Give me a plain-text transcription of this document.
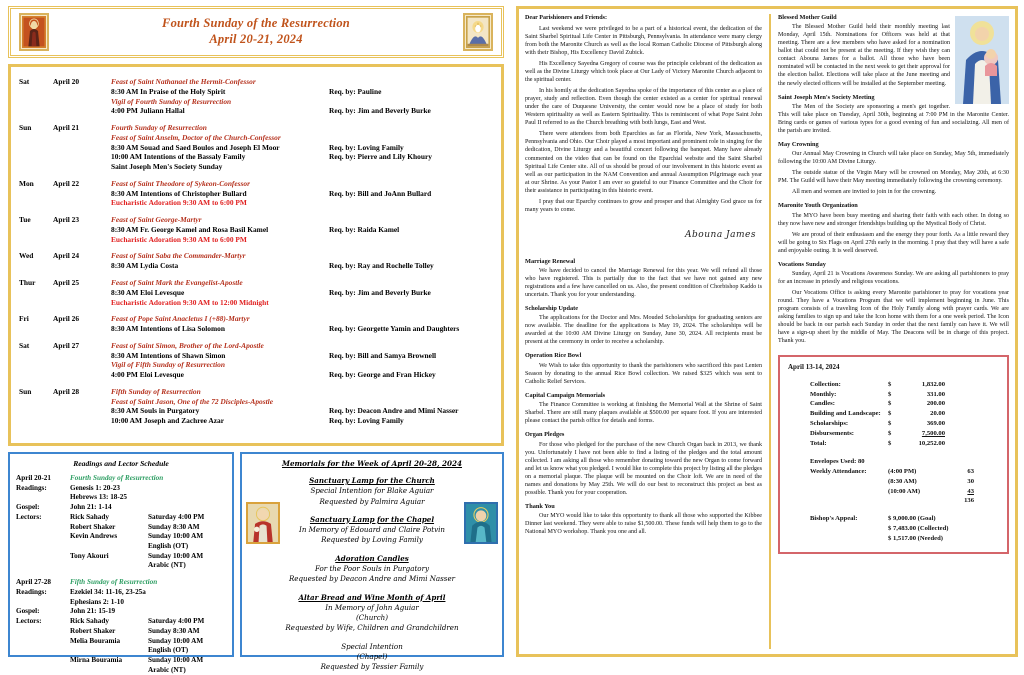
Fourth Sunday of the Resurrection
April 20-21, 2024
Sat	April 20	Feast of Saint Nathanael the Hermit-Confessor
8:30 AM In Praise of the Holy Spirit	Req. by: Pauline
Vigil of Fourth Sunday of Resurrection
4:00 PM Juliann Hallal	Req. by: Jim and Beverly Burke
Sun	April 21	Fourth Sunday of Resurrection
Feast of Saint Anselm, Doctor of the Church-Confessor
8:30 AM Souad and Saed Boulos and Joseph El Moor	Req. by: Loving Family
10:00 AM Intentions of the Bassaly Family	Req. by: Pierre and Lily Khoury
Saint Joseph Men's Society Sunday
Mon	April 22	Feast of Saint Theodore of Sykeon-Confessor
8:30 AM Intentions of Christopher Bullard	Req. by: Bill and JoAnn Bullard
Eucharistic Adoration 9:30 AM to 6:00 PM
Tue	April 23	Feast of Saint George-Martyr
8:30 AM Fr. George Kamel and Rosa Basil Kamel	Req. by: Raida Kamel
Eucharistic Adoration 9:30 AM to 6:00 PM
Wed	April 24	Feast of Saint Saba the Commander-Martyr
8:30 AM Lydia Costa	Req. by: Ray and Rochelle Tolley
Thur	April 25	Feast of Saint Mark the Evangelist-Apostle
8:30 AM Eloi Levesque	Req. by: Jim and Beverly Burke
Eucharistic Adoration 9:30 AM to 12:00 Midnight
Fri	April 26	Feast of Pope Saint Anacletus I (+88)-Martyr
8:30 AM Intentions of Lisa Solomon	Req. by: Georgette Yamin and Daughters
Sat	April 27	Feast of Saint Simon, Brother of the Lord-Apostle
8:30 AM Intentions of Shawn Simon	Req. by: Bill and Samya Brownell
Vigil of Fifth Sunday of Resurrection
4:00 PM Eloi Levesque	Req. by: George and Fran Hickey
Sun	April 28	Fifth Sunday of Resurrection
Feast of Saint Jason, One of the 72 Disciples-Apostle
8:30 AM Souls in Purgatory	Req. by: Deacon Andre and Mimi Nasser
10:00 AM Joseph and Zachree Azar	Req. by: Loving Family
Readings and Lector Schedule
April 20-21	Fourth Sunday of Resurrection
Readings:	Genesis 1: 20-23
Hebrews 13: 18-25
Gospel:	John 21: 1-14
Lectors:	Rick Sahady	Saturday 4:00 PM
Robert Shaker	Sunday 8:30 AM
Kevin Andrews	Sunday 10:00 AM
English (OT)
Tony Akouri	Sunday 10:00 AM
Arabic (NT)
April 27-28	Fifth Sunday of Resurrection
Readings:	Ezekiel 34: 11-16, 23-25a
Ephesians 2: 1-10
Gospel:	John 21: 15-19
Lectors:	Rick Sahady	Saturday 4:00 PM
Robert Shaker	Sunday 8:30 AM
Melia Bouramia	Sunday 10:00 AM
English (OT)
Mirna Bouramia	Sunday 10:00 AM
Arabic (NT)
Memorials for the Week of April 20-28, 2024
Sanctuary Lamp for the Church
Special Intention for Blake Aguiar
Requested by Palmira Aguiar
Sanctuary Lamp for the Chapel
In Memory of Edouard and Claire Potvin
Requested by Loving Family
Adoration Candles
For the Poor Souls in Purgatory
Requested by Deacon Andre and Mimi Nasser
Altar Bread and Wine Month of April
In Memory of John Aguiar
(Church)
Requested by Wife, Children and Grandchildren
Special Intention
(Chapel)
Requested by Tessier Family
Dear Parishioners and Friends:
Last weekend we were privileged to be a part of a historical event, the dedication of the Saint Sharbel Spiritual Life Center in Pittsburgh, Pennsylvania. In attendance were many clergy from both the Maronite Church as well as the local Roman Catholic Diocese of Pittsburgh along with their Bishop, His Excellency David Zubick.
His Excellency Sayedna Gregory of course was the principle celebrant of the dedication as well as the Divine Liturgy which took place at Our Lady of Victory Maronite Church adjacent to the spiritual center.
In his homily at the dedication Sayedna spoke of the importance of this center as a place of prayer, study and reflection. Even though the center existed as a center for spiritual renewal under the care of Duquesne University, the center would now be a place of study for both Western spirituality as well as Eastern Spirituality. This is reminiscent of what Pope Saint John Paul II referred to as the Church breathing with both lungs, East and West.
There were attendees from both Eparchies as far as Florida, New York, Massachusetts, Pennsylvania and Ohio. Our Choir played a most important and prominent role in singing for the dedication, Divine Liturgy and a beautiful concert following the banquet. Many have already commented on the video that can be found on the Eparchial website and the Saint Sharbel Spiritual Life Center site. All of us should be proud of our involvement in this historic event as well as our participation in the NAM Convention and annual Assumption Pilgrimage each year at our Shrine. As your Pastor I am ever so grateful to our Finance Committee and the Choir for their assistance in participating in this historic event.
I pray that our Eparchy continues to grow and prosper and that Almighty God grace us for many years to come.
Abouna James
Marriage Renewal
We have decided to cancel the Marriage Renewal for this year. We will refund all those who have registered. This is partially due to the fact that we have not gained any new registrations and a few have cancelled on us. Also, the present condition of Chorbishop Kaddo is uncertain. Thank you for your understanding.
Scholarship Update
The applications for the Doctor and Mrs. Mouded Scholarships for graduating seniors are now available. The deadline for the applications is May 19, 2024. The scholarships will be awarded at the 10:00 AM Divine Liturgy on Sunday, June 30, 2024. All recipients must be present at the ceremony in order to receive a scholarship.
Operation Rice Bowl
We Wish to take this opportunity to thank the parishioners who sacrificed this past Lenten Season by donating to the annual Rice Bowl collection. We raised $325 which was sent to Catholic Relief Services.
Capital Campaign Memorials
The Finance Committee is working at finishing the Memorial Wall at the Shrine of Saint Sharbel. There are still many plaques available at $500.00 per square foot. If you are interested please contact the parish office for details and forms.
Organ Pledges
For those who pledged for the purchase of the new Church Organ back in 2013, we thank you. Unfortunately I have not been able to find a listing of the pledges and the total amount collected. I am asking all those who remember donating toward the new Organ to come forward and let us know what you pledged. I would like to complete this project by listing all the pledges on a memorial plaque. The plaque will be mounted on the Choir loft. We are in need of the names and donations by May 25th. We will do our best to reconstruct this project as best as possible. Thank you for your cooperation.
Thank You
Our MYO would like to take this opportunity to thank all those who supported the Kibbee Dinner last weekend. They were able to raise $1,500.00. These funds will help them to go to the National MYO workshop. Thank you one and all.
Blessed Mother Guild
The Blessed Mother Guild held their monthly meeting last Monday, April 15th. Nominations for Officers was held at that meeting. There are a few members who have asked for a nomination ballot that could not be present at the meeting. If they wish they can contact Abouna James for a ballot. All those who have been nominated will be contacted in the next week to get their approval for the election ballot. Elections will take place at the June meeting and the newly elected officers will be installed at the September meeting.
Saint Joseph Men's Society Meeting
The Men of the Society are sponsoring a men's get together. This will take place on Tuesday, April 30th, beginning at 7:00 PM in the Maronite Center. Bring cards or games of various types for a good evening of fun and socializing. All men of the parish are invited.
May Crowning
Our Annual May Crowning in Church will take place on Sunday, May 5th, immediately following the 10:00 AM Divine Liturgy.
The outside statue of the Virgin Mary will be crowned on Monday, May 20th, at 6:30 PM. The Guild will have their May meeting immediately following the crowning ceremony.
All men and women are invited to join in for the crowning.
Maronite Youth Organization
The MYO have been busy meeting and sharing their faith with each other. In doing so they now have new and stronger friendships building up the Mystical Body of Christ.
We are proud of their enthusiasm and the energy they pour forth. As a little reward they will be going to Six Flags on April 27th early in the morning. I pray that they will have a safe and enjoyable outing. It is well deserved.
Vocations Sunday
Sunday, April 21 is Vocations Awareness Sunday. We are asking all parishioners to pray for an increase in priestly and religious vocations.
Our Vocations Office is asking every Maronite parishioner to pray for vocations year round. They have a Vocations Program that we will implement beginning in June. This program consists of a traveling Icon of the Holy Family along with prayer cards. We are asking families to sign up and take the Icon home with them for a one week period. The Icon should be back in our parish each Sunday in order that the next family can have it. We will have a sign-up sheet by the middle of May. The Deacons will be in charge of this project. Thank you.
April 13-14, 2024
Collection:	$	1,832.00
Monthly:	$	331.00
Candles:	$	200.00
Building and Landscape:	$	20.00
Scholarships:	$	369.00
Disbursements:	$	7,500.00
Total:	$	10,252.00
Envelopes Used: 80
Weekly Attendance:	(4:00 PM)	63
(8:30 AM)	30
(10:00 AM)	43
136
Bishop's Appeal:	$ 9,000.00 (Goal)
$ 7,483.00 (Collected)
$ 1,517.00 (Needed)
